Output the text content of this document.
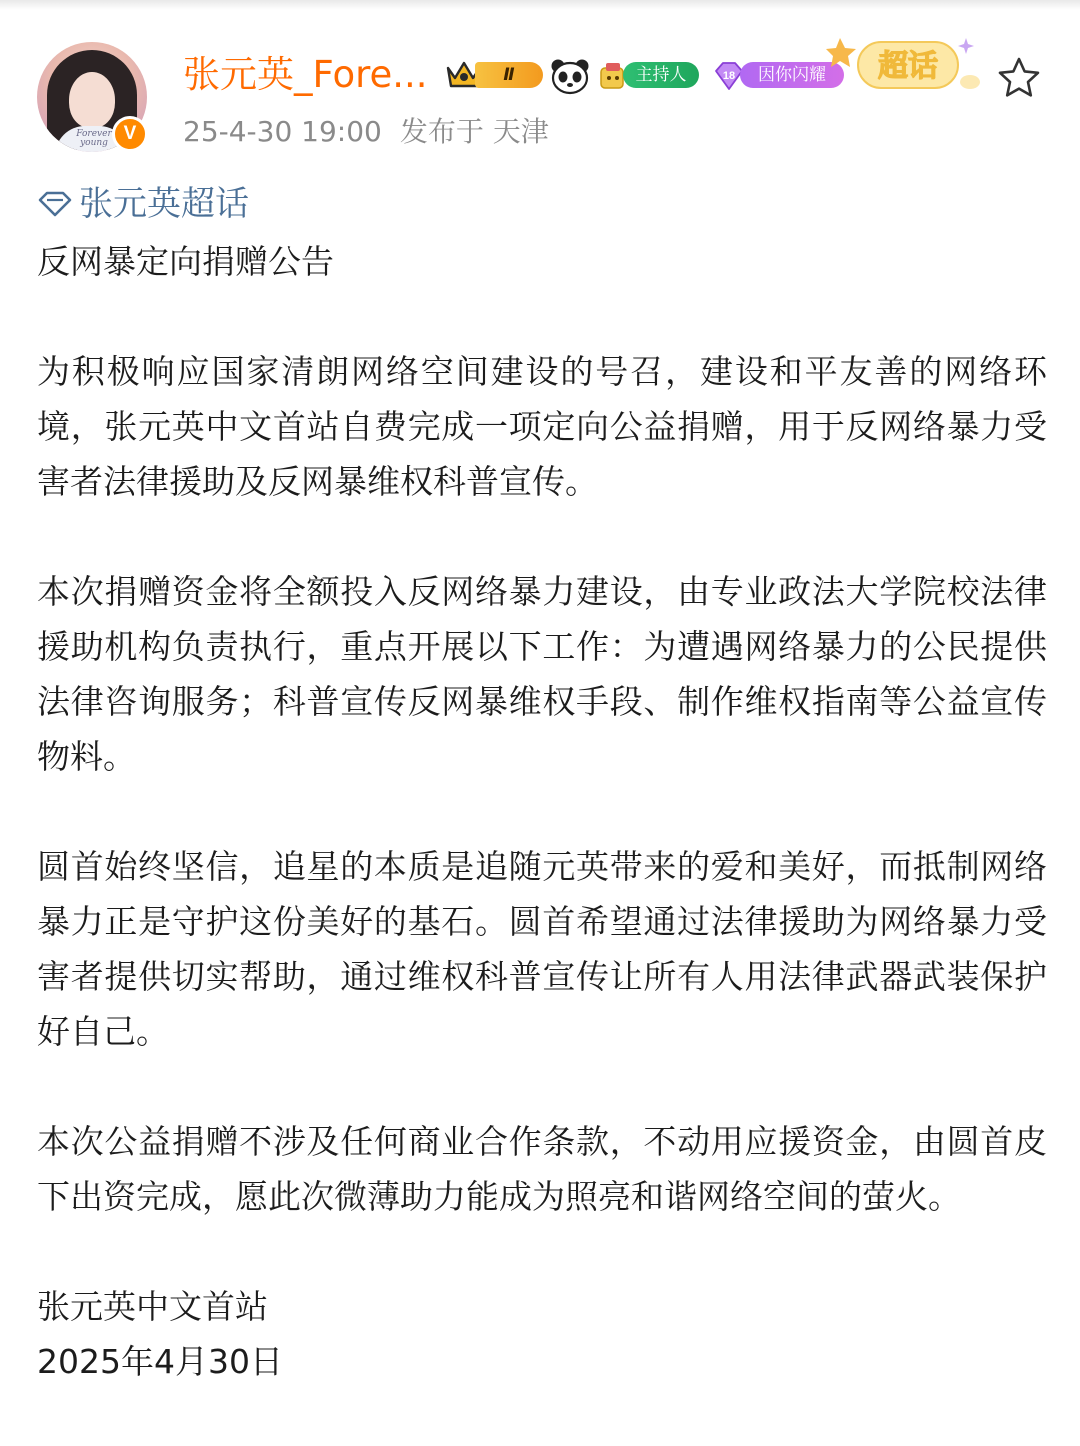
Forever young V
张元英_Fore...	Ⅱ	主持人	18	因你闪耀	超话
25-4-30 19:00 发布于 天津
张元英超话

反网暴定向捐赠公告

为积极响应国家清朗网络空间建设的号召，建设和平友善的网络环境，张元英中文首站自费完成一项定向公益捐赠，用于反网络暴力受害者法律援助及反网暴维权科普宣传。

本次捐赠资金将全额投入反网络暴力建设，由专业政法大学院校法律援助机构负责执行，重点开展以下工作：为遭遇网络暴力的公民提供法律咨询服务；科普宣传反网暴维权手段、制作维权指南等公益宣传物料。

圆首始终坚信，追星的本质是追随元英带来的爱和美好，而抵制网络暴力正是守护这份美好的基石。圆首希望通过法律援助为网络暴力受害者提供切实帮助，通过维权科普宣传让所有人用法律武器武装保护好自己。

本次公益捐赠不涉及任何商业合作条款，不动用应援资金，由圆首皮下出资完成，愿此次微薄助力能成为照亮和谐网络空间的萤火。

张元英中文首站

2025年4月30日
